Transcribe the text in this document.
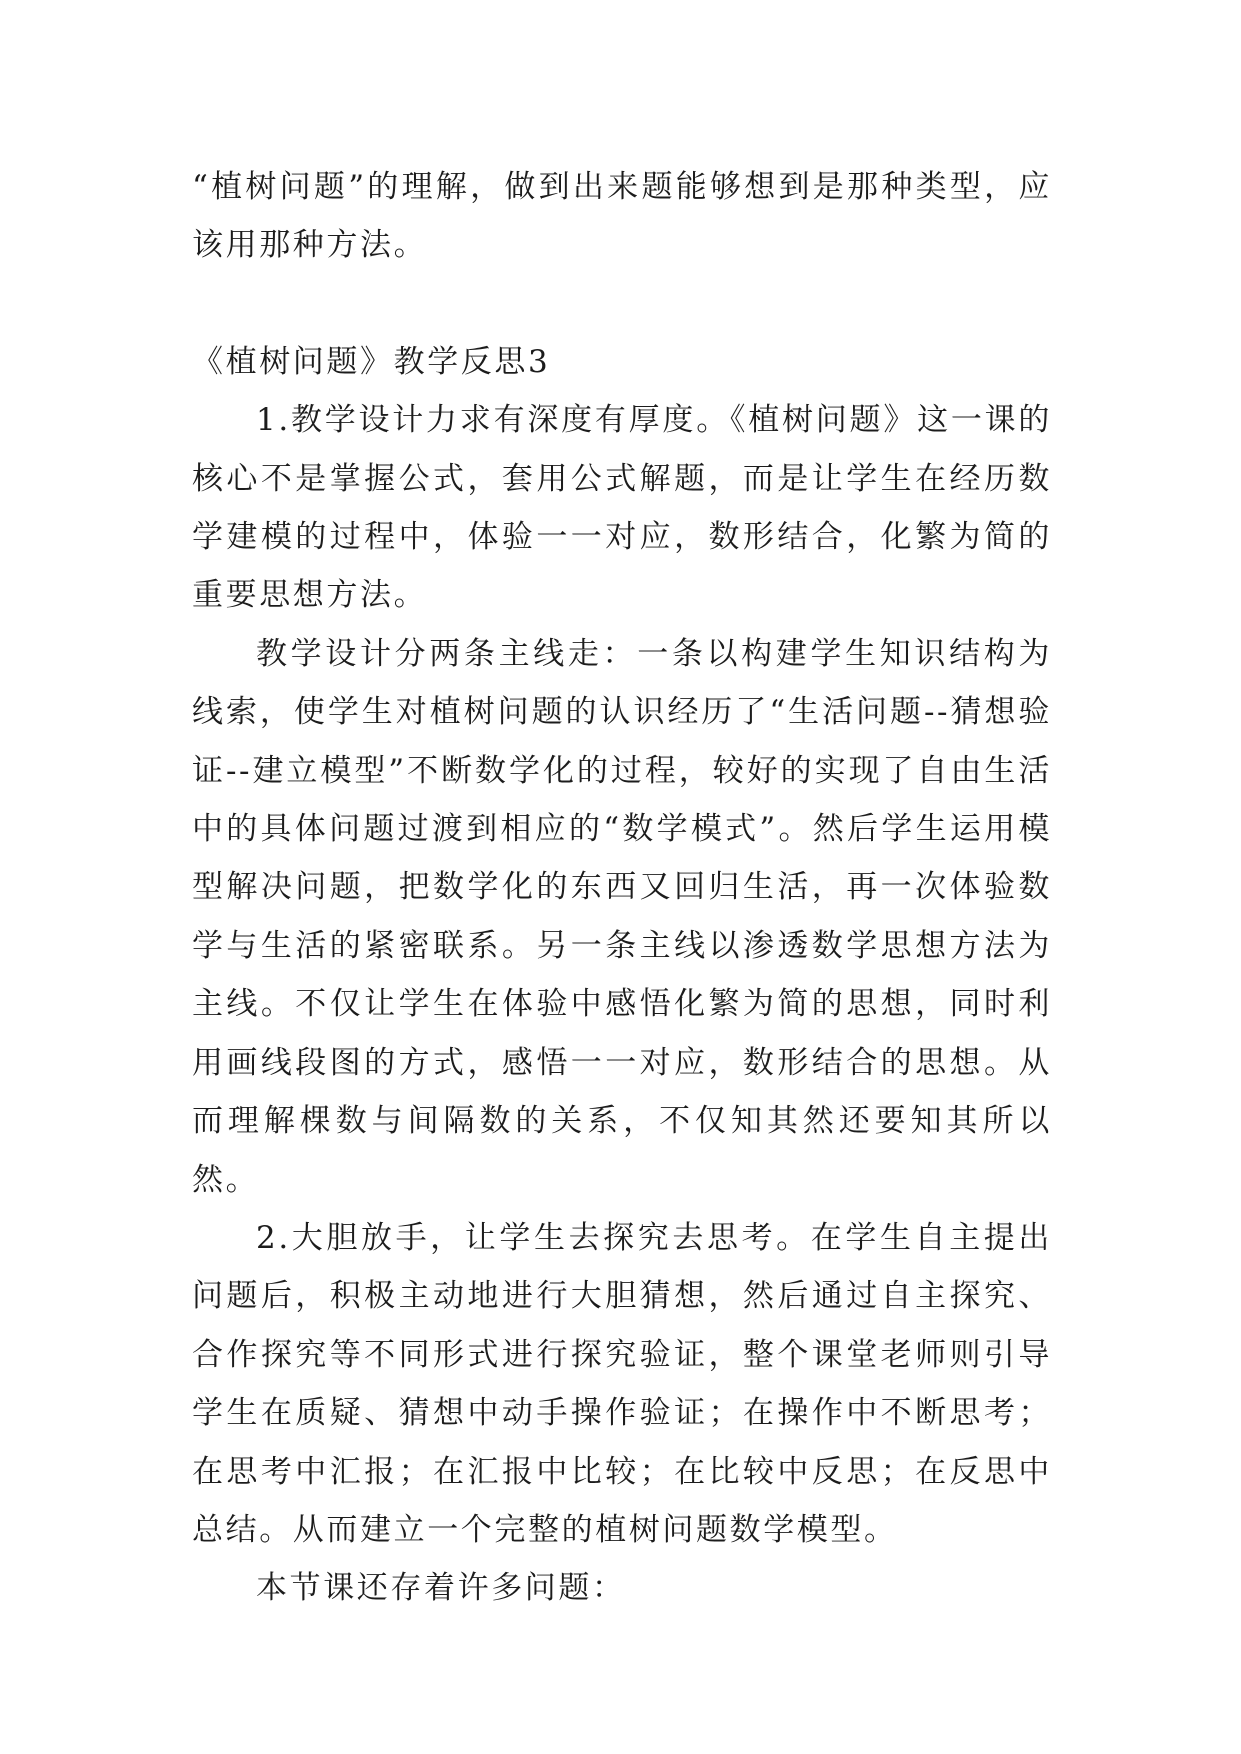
“植树问题”的理解，做到出来题能够想到是那种类型，应该用那种方法。

《植树问题》教学反思3

1.教学设计力求有深度有厚度。《植树问题》这一课的核心不是掌握公式，套用公式解题，而是让学生在经历数学建模的过程中，体验一一对应，数形结合，化繁为简的重要思想方法。

教学设计分两条主线走：一条以构建学生知识结构为线索，使学生对植树问题的认识经历了“生活问题--猜想验证--建立模型”不断数学化的过程，较好的实现了自由生活中的具体问题过渡到相应的“数学模式”。然后学生运用模型解决问题，把数学化的东西又回归生活，再一次体验数学与生活的紧密联系。另一条主线以渗透数学思想方法为主线。不仅让学生在体验中感悟化繁为简的思想，同时利用画线段图的方式，感悟一一对应，数形结合的思想。从而理解棵数与间隔数的关系，不仅知其然还要知其所以然。

2.大胆放手，让学生去探究去思考。在学生自主提出问题后，积极主动地进行大胆猜想，然后通过自主探究、合作探究等不同形式进行探究验证，整个课堂老师则引导学生在质疑、猜想中动手操作验证；在操作中不断思考；在思考中汇报；在汇报中比较；在比较中反思；在反思中总结。从而建立一个完整的植树问题数学模型。

本节课还存着许多问题：
